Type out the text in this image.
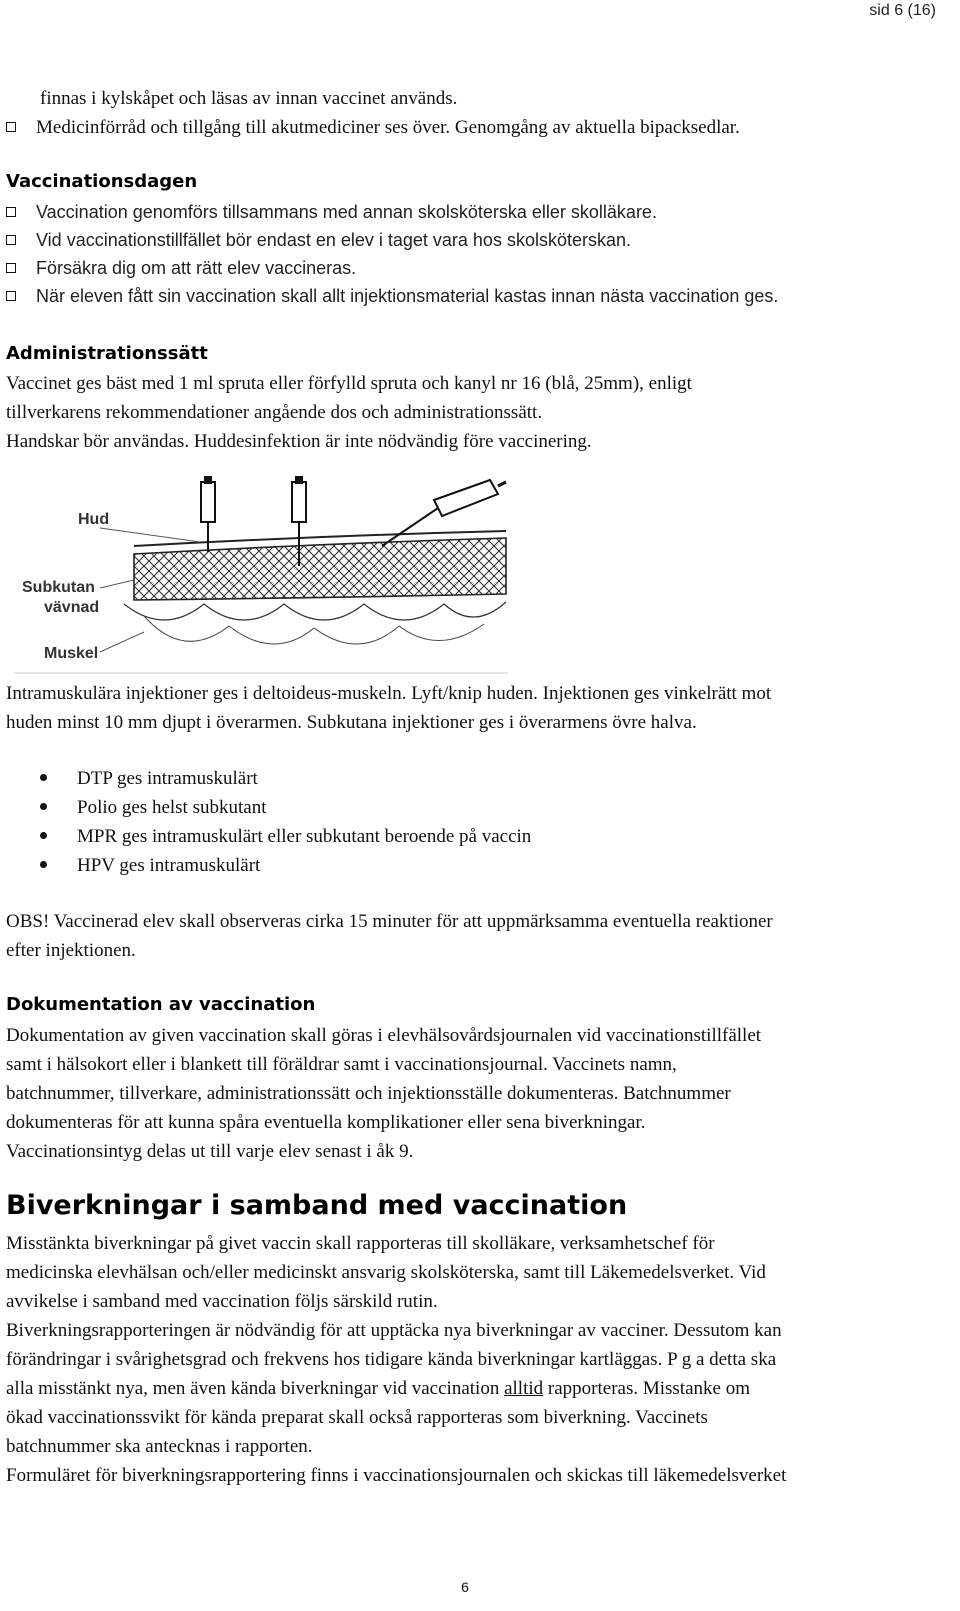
sid 6 (16)
finnas i kylskåpet och läsas av innan vaccinet används.
Medicinförråd och tillgång till akutmediciner ses över. Genomgång av aktuella bipacksedlar.
Vaccinationsdagen
Vaccination genomförs tillsammans med annan skolsköterska eller skolläkare.
Vid vaccinationstillfället bör endast en elev i taget vara hos skolsköterskan.
Försäkra dig om att rätt elev vaccineras.
När eleven fått sin vaccination skall allt injektionsmaterial kastas innan nästa vaccination ges.
Administrationssätt
Vaccinet ges bäst med 1 ml spruta eller förfylld spruta och kanyl nr 16 (blå, 25mm), enligt
tillverkarens rekommendationer angående dos och administrationssätt.
Handskar bör användas. Huddesinfektion är inte nödvändig före vaccinering.
Hud
Subkutan
vävnad
Muskel
Intramuskulära injektioner ges i deltoideus-muskeln. Lyft/knip huden. Injektionen ges vinkelrätt mot
huden minst 10 mm djupt i överarmen. Subkutana injektioner ges i överarmens övre halva.
DTP ges intramuskulärt
Polio ges helst subkutant
MPR ges intramuskulärt eller subkutant beroende på vaccin
HPV ges intramuskulärt
OBS! Vaccinerad elev skall observeras cirka 15 minuter för att uppmärksamma eventuella reaktioner
efter injektionen.
Dokumentation av vaccination
Dokumentation av given vaccination skall göras i elevhälsovårdsjournalen vid vaccinationstillfället
samt i hälsokort eller i blankett till föräldrar samt i vaccinationsjournal. Vaccinets namn,
batchnummer, tillverkare, administrationssätt och injektionsställe dokumenteras. Batchnummer
dokumenteras för att kunna spåra eventuella komplikationer eller sena biverkningar.
Vaccinationsintyg delas ut till varje elev senast i åk 9.
Biverkningar i samband med vaccination
Misstänkta biverkningar på givet vaccin skall rapporteras till skolläkare, verksamhetschef för
medicinska elevhälsan och/eller medicinskt ansvarig skolsköterska, samt till Läkemedelsverket. Vid
avvikelse i samband med vaccination följs särskild rutin.
Biverkningsrapporteringen är nödvändig för att upptäcka nya biverkningar av vacciner. Dessutom kan
förändringar i svårighetsgrad och frekvens hos tidigare kända biverkningar kartläggas. P g a detta ska
alla misstänkt nya, men även kända biverkningar vid vaccination alltid rapporteras. Misstanke om
ökad vaccinationssvikt för kända preparat skall också rapporteras som biverkning. Vaccinets
batchnummer ska antecknas i rapporten.
Formuläret för biverkningsrapportering finns i vaccinationsjournalen och skickas till läkemedelsverket
6
